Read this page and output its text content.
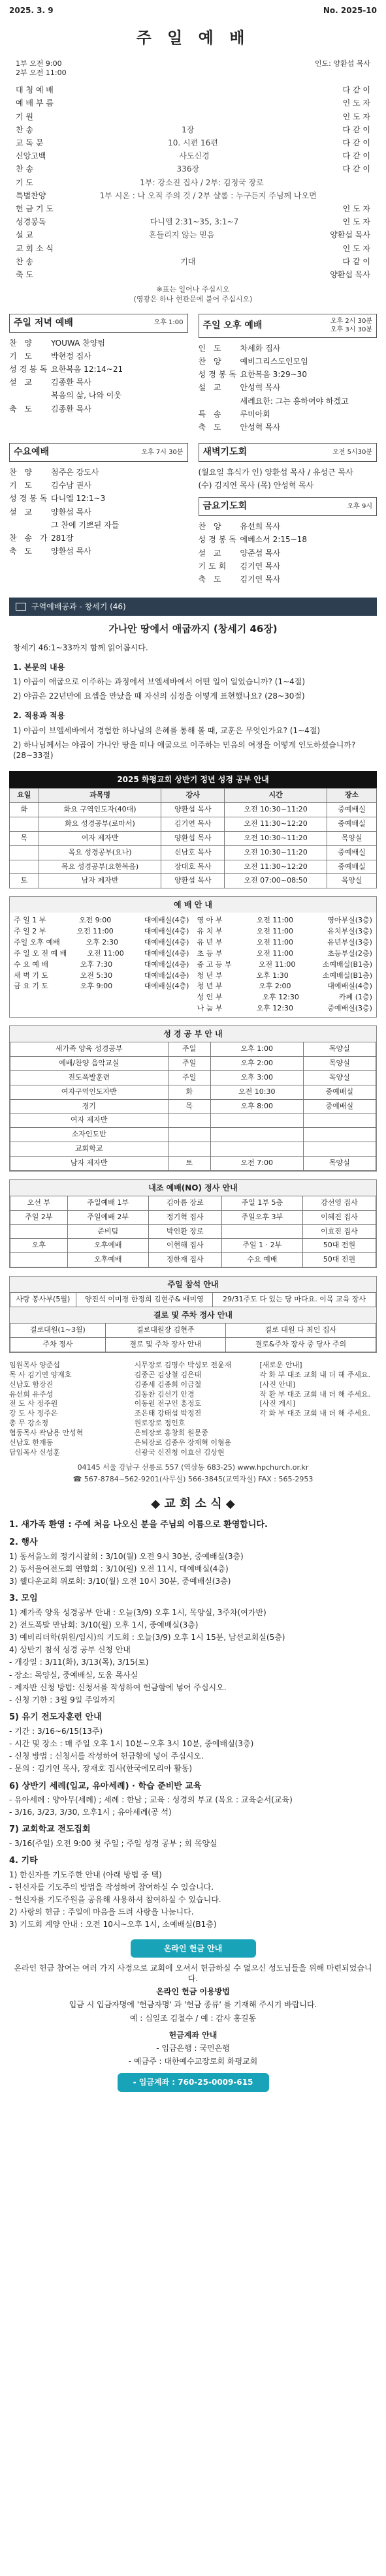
2025. 3. 9	No. 2025-10
주 일 예 배
1부 오전 9:00
2부 오전 11:00
인도: 양환섭 목사
대 청 예 배	다 같 이
예 배 부 름	인 도 자
기 원	인 도 자
찬 송	1장	다 같 이
교 독 문	10. 시편 16편	다 같 이
신앙고백	사도신경	다 같 이
찬 송	336장	다 같 이
기 도	1부: 강소진 집사 / 2부: 김정국 장로
특별찬양	1부 시온 : 나 오직 주의 것 / 2부 샬롬 : 누구든지 주님께 나오면
헌 금 기 도	인 도 자
성경봉독	다니엘 2:31~35, 3:1~7	인 도 자
설 교	흔들리지 않는 믿음	양환섭 목사
교 회 소 식	인 도 자
찬 송	기대	다 같 이
축 도	양환섭 목사
※표는 일어나 주십시오
(영광은 하나 현관문에 붙어 주십시오)
주일 저녁 예배	오후 1:00
찬 양	YOUWA 찬양팀
기 도	박현정 집사
성경봉독 요한복음 12:14~21
설 교	김종환 목사
복음의 삶, 나와 이웃
축 도	김종환 목사
주일 오후 예배	오후 2시 30분
오후 3시 30분
인 도	차세화 집사
찬 양	예비그리스도인모임
성경봉독 요한복음 3:29~30
설 교	안성혁 목사
세례요한: 그는 흥하여야 하겠고
특 송	루미아회
축 도	안성혁 목사
수요예배	오후 7시 30분
찬 양	첨주은 강도사
기 도	김수남 권사
성경봉독 다니엘 12:1~3
설 교	양환섭 목사
그 찬에 기쁘된 자들
찬 송 가 281장
축 도	양환섭 목사
새벽기도회	오전 5시30분
(월요일 휴식가 인) 양환섭 목사 / 유성근 목사
(수) 김지연 목사 (목) 안성혁 목사
금요기도회	오후 9시
찬 양	유선희 목사
성경봉독 에베소서 2:15~18
설 교	양준섭 목사
기도회	김기연 목사
축 도	김기연 목사
구역예배공과 - 창세기 (46)
가나안 땅에서 애굽까지 (창세기 46장)
창세기 46:1~33까지 함께 읽어봅시다.
1. 본문의 내용
1) 야곱이 애굽으로 이주하는 과정에서 브엘세바에서 어떤 일이 일었습니까? (1~4절)
2) 야곱은 22년만에 요셉을 만났을 때 자신의 심정을 어떻게 표현했나요? (28~30절)
2. 적용과 적용
1) 야곱이 브엘세바에서 경험한 하나님의 은혜를 통해 볼 때, 교훈은 무엇인가요? (1~4절)
2) 하나님께서는 야곱이 가나안 땅을 떠나 애굽으로 이주하는 민음의 여정을 어떻게 인도하셨습니까? (28~33절)
2025 화평교회 상반기 정년 성경 공부 안내
요일	과목명	강사	시간	장소
화	화요 구역인도자(40대)	양환섭 목사	오전 10:30~11:20	중예배실
	화요 성경공부(로마서)	김기연 목사	오전 11:30~12:20	중예배실
목	여자 제자반	양환섭 목사	오전 10:30~11:20	목양실
	목요 성경공부(요나)	신남호 목사	오전 10:30~11:20	중예배실
	목요 성경공부(요한복음)	장대호 목사	오전 11:30~12:20	중예배실
토	남자 제자반	양환섭 목사	오전 07:00~08:50	목양실
예 배 안 내
주 일 1 부	오전 9:00	대예배실(4층)
주 일 2 부	오전 11:00	대예배실(4층)
주일 오후 예배	오후 2:30	대예배실(4층)
주 일 오 전 예 배	오전 11:00	대예배실(4층)
수 요 예 배	오후 7:30	대예배실(4층)
새 벽 기 도	오전 5:30	대예배실(4층)
금 요 기 도	오후 9:00	대예배실(4층)
영 아 부	오전 11:00	영아부실(3층)
유 치 부	오전 11:00	유치부실(3층)
유 년 부	오전 11:00	유년부실(3층)
초 등 부	오전 11:00	초등부실(2층)
중 고 등 부	오전 11:00	소예배실(B1층)
청 년 부	오후 1:30	소예배실(B1층)
청 년 부	오후 2:00	대예배실(4층)
성 인 부	오후 12:30	카페 (1층)
나 눔 부	오후 12:30	중예배실(3층)
성 경 공 부 안 내
새가족 양육 성경공부	주일	오후 1:00	목양실
예배/찬양 음악교실	주일	오후 2:00	목양실
전도폭발훈련	주일	오후 3:00	목양실
여자구역인도자반	화	오전 10:30	중예배실
경기	목	오후 8:00	중예배실
여자 제자반			
소자인도반			
교회학교			
남자 제자반	토	오전 7:00	목양실
내조 예배(NO) 정사 안내
오선 부	주일예배 1부	김아름 장로	주일 1부 5층	강선영 집사
주일 2부	주일예배 2부	정기혁 집사	주일오후 3부	이혜진 집사
	준비팀	박인환 장로		이효진 집사
오후	오후예배	이현해 집사	주일 1 · 2부	50대 전원
	오후예배	정한재 집사	수요 예배	50대 전원
주일 참석 안내
사랑 봉사부(5월)	양진석 이미경 한정희 김현주& 배미영	29/31주도 다 있는 당 마다요. 이목 교육 장사
결로 및 주차 정사 안내
결로대원(1~3월)	결로대원장 김현주	결로 대원 다 최인 집사
주차 정사	결로 및 주차 장사 안내	결로&주차 장사 중 당사 주의
임원목사 양준섭
목 사 김기연 양재호
신남호 함장진
유선희 유주성
전 도 사 정주원
강 도 사 정주은
총 무 강소정
협동목사 곽남용 안성혁
신남호 한재동
담임목사 신성훈
시무장로 김명수 박성모 전윤재
김종곤 김상철 김은태
김종세 김종희 이금철
김동찬 김선기 안경
이동원 전구인 홍정호
조은태 강태섭 박정진
원로장로 정인호
은퇴장로 홍창희 원문종
은퇴장로 김종우 장재혁 이형용
신광국 신진청 이효선 김상현
[새로운 안내]
각 화 부 대조 교회 내 더 해 주세요.
[사진 안내]
작 환 부 대조 교회 내 더 해 주세요.
[사진 게시]
각 화 부 대조 교회 내 더 해 주세요.
04145 서울 강남구 선릉로 557 (역삼동 683-25) www.hpchurch.or.kr
☎ 567-8784~562-9201(사무실) 566-3845(교역자실) FAX : 565-2953
◆ 교 회 소 식 ◆
1. 새가족 환영 : 주예 처음 나오신 분을 주님의 이름으로 환영합니다.
2. 행사

1) 동서울노회 정기시찰회 : 3/10(월) 오전 9시 30분, 중예배실(3층)

2) 동서울여전도회 연합회 : 3/10(월) 오전 11시, 대예배실(4층)

3) 웰다운교회 위로회: 3/10(월) 오전 10시 30분, 중예배실(3층)

3. 모임

1) 제가족 양육 성경공부 안내 : 오늘(3/9) 오후 1시, 목양실, 3주차(여가반)

2) 전도폭발 만남회: 3/10(월) 오후 1시, 중예배실(3층)

3) 예비리더학(위원/임시)의 기도회 : 오늘(3/9) 오후 1시 15분, 남선교회실(5층)

4) 상반기 참석 성경 공부 신청 안내

- 개강일 : 3/11(화), 3/13(목), 3/15(토)

- 장소: 목양실, 중예배실, 도움 목사실

- 제자반 신청 방법: 신청서를 작성하여 헌금함에 넣어 주십시오.

- 신청 기한 : 3월 9일 주일까지

5) 유기 전도자훈련 안내

- 기간 : 3/16~6/15(13주)

- 시간 및 장소 : 매 주일 오후 1시 10분~오후 3시 10분, 중예배실(3층)

- 신청 방법 : 신청서를 작성하여 헌금함에 넣어 주십시오.

- 문의 : 김기연 목사, 장재호 집사(한국에모리아 활동)

6) 상반기 세례(입교, 유아세례) · 학습 준비반 교육

- 유아세례 : 양아무(세례) ; 세례 : 한남 ; 교육 : 성경의 부교 (목요 : 교육순서(교육)

- 3/16, 3/23, 3/30, 오후1시 ; 유아세례(공 석)

7) 교회학교 전도집회

- 3/16(주일) 오전 9:00 첫 주일 ; 주일 성경 공부 ; 회 목양실

4. 기타

1) 한신자를 기도주한 안내 (아래 방법 중 택)

- 헌신자를 기도주의 방법을 작성하여 참여하실 수 있습니다.

- 헌신자를 기도주원을 공유해 사용하셔 참여하실 수 있습니다.

2) 사랑의 헌금 : 주일에 마음을 드려 사랑을 나눔니다.

3) 기도회 계양 안내 : 오전 10시~오후 1시, 소예배실(B1층)

온라인 헌금 안내

온라인 헌금 참여는 여러 가지 사정으로 교회에 오셔서 헌금하실 수 없으신 성도님들을 위해 마련되었습니다.

온라인 헌금 이용방법

입금 시 입금자명에 '헌금자명' 과 '헌금 종류' 를 기재해 주시기 바랍니다.

예 : 십일조 김철수 / 예 : 감사 홍길동

헌금계좌 안내

- 입금은행 : 국민은행

- 예금주 : 대한예수교장로회 화평교회

- 입금계좌 : 760-25-0009-615
